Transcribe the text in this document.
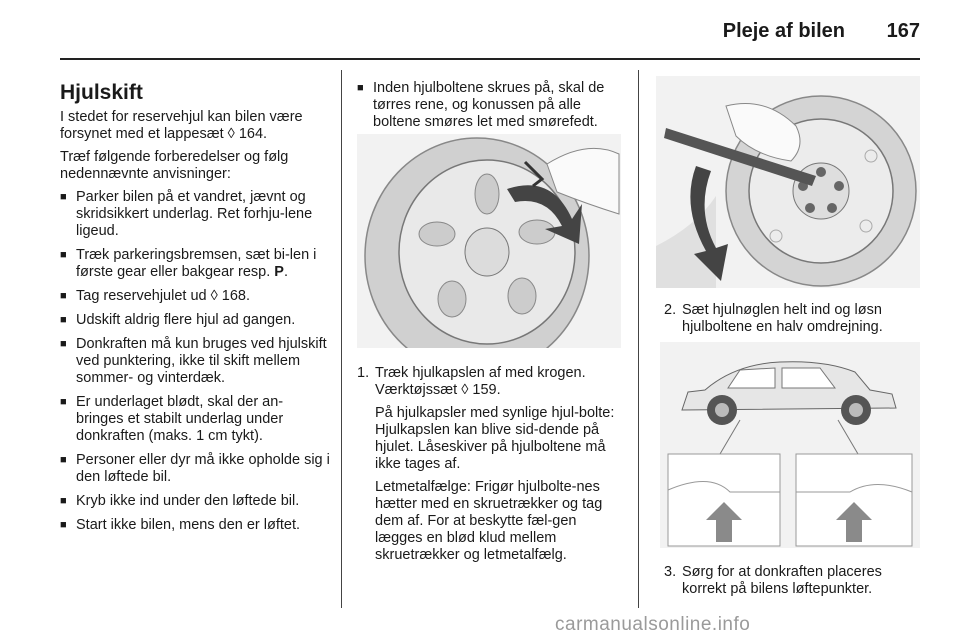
Pleje af bilen	167
Hjulskift

I stedet for reservehjul kan bilen være forsynet med et lappesæt ◊ 164.

Træf følgende forberedelser og følg nedennævnte anvisninger:

■ Parker bilen på et vandret, jævnt og skridsikkert underlag. Ret forhju-lene ligeud.
■ Træk parkeringsbremsen, sæt bi-len i første gear eller bakgear resp. P.
■ Tag reservehjulet ud ◊ 168.
■ Udskift aldrig flere hjul ad gangen.
■ Donkraften må kun bruges ved hjulskift ved punktering, ikke til skift mellem sommer- og vinterdæk.
■ Er underlaget blødt, skal der an-bringes et stabilt underlag under donkraften (maks. 1 cm tykt).
■ Personer eller dyr må ikke opholde sig i den løftede bil.
■ Kryb ikke ind under den løftede bil.
■ Start ikke bilen, mens den er løftet.
■ Inden hjulboltene skrues på, skal de tørres rene, og konussen på alle boltene smøres let med smørefedt.
1. Træk hjulkapslen af med krogen. Værktøjssæt ◊ 159.

På hjulkapsler med synlige hjul-bolte: Hjulkapslen kan blive sid-dende på hjulet. Låseskiver på hjulboltene må ikke tages af.

Letmetalfælge: Frigør hjulbolte-nes hætter med en skruetrækker og tag dem af. For at beskytte fæl-gen lægges en blød klud mellem skruetrækker og letmetalfælg.

2. Sæt hjulnøglen helt ind og løsn hjulboltene en halv omdrejning.
3. Sørg for at donkraften placeres korrekt på bilens løftepunkter.
carmanualsonline.info
